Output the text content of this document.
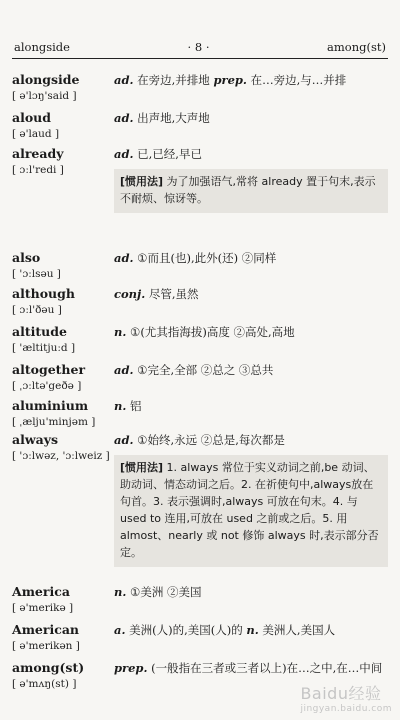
alongside	· 8 ·	among(st)
alongside
[ ə'lɔŋ'said ]
ad. 在旁边,并排地 prep. 在…旁边,与…并排
aloud
[ ə'laud ]
ad. 出声地,大声地
already
[ ɔːl'redi ]
ad. 已,已经,早已
[惯用法] 为了加强语气,常将 already 置于句末,表示不耐烦、惊讶等。
also
[ 'ɔːlsəu ]
ad. ①而且(也),此外(还) ②同样
although
[ ɔːl'ðəu ]
conj. 尽管,虽然
altitude
[ 'æltitjuːd ]
n. ①(尤其指海拔)高度 ②高处,高地
altogether
[ ˌɔːltə'geðə ]
ad. ①完全,全部 ②总之 ③总共
aluminium
[ ˌælju'minjəm ]
n. 铝
always
[ 'ɔːlwəz, 'ɔːlweiz ]
ad. ①始终,永远 ②总是,每次都是
[惯用法] 1. always 常位于实义动词之前,be 动词、助动词、情态动词之后。2. 在祈使句中,always放在句首。3. 表示强调时,always 可放在句末。4. 与 used to 连用,可放在 used 之前或之后。5. 用 almost、nearly 或 not 修饰 always 时,表示部分否定。
America
[ ə'merikə ]
n. ①美洲 ②美国
American
[ ə'merikən ]
a. 美洲(人)的,美国(人)的 n. 美洲人,美国人
among(st)
[ ə'mʌŋ(st) ]
prep. (一般指在三者或三者以上)在…之中,在…中间
Baidu经验
jingyan.baidu.com
